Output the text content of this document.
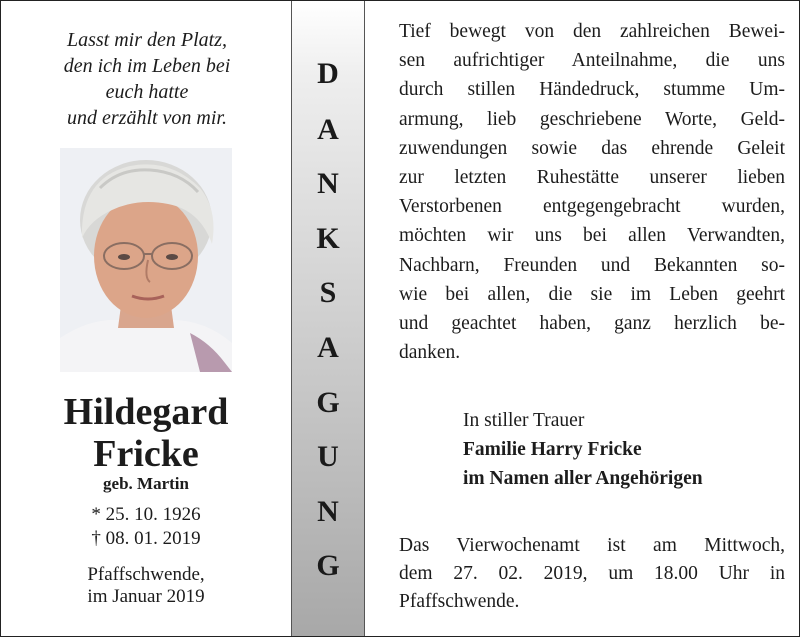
Lasst mir den Platz,
den ich im Leben bei
euch hatte
und erzählt von mir.
Hildegard
Fricke
geb. Martin
* 25. 10. 1926
† 08. 01. 2019
Pfaffschwende,
im Januar 2019
D
A
N
K
S
A
G
U
N
G
Tief bewegt von den zahlreichen Bewei-
sen aufrichtiger Anteilnahme, die uns
durch stillen Händedruck, stumme Um-
armung, lieb geschriebene Worte, Geld-
zuwendungen sowie das ehrende Geleit
zur letzten Ruhestätte unserer lieben
Verstorbenen entgegengebracht wurden,
möchten wir uns bei allen Verwandten,
Nachbarn, Freunden und Bekannten so-
wie bei allen, die sie im Leben geehrt
und geachtet haben, ganz herzlich be-
danken.
In stiller Trauer
Familie Harry Fricke
im Namen aller Angehörigen
Das Vierwochenamt ist am Mittwoch,
dem 27. 02. 2019, um 18.00 Uhr in
Pfaffschwende.
